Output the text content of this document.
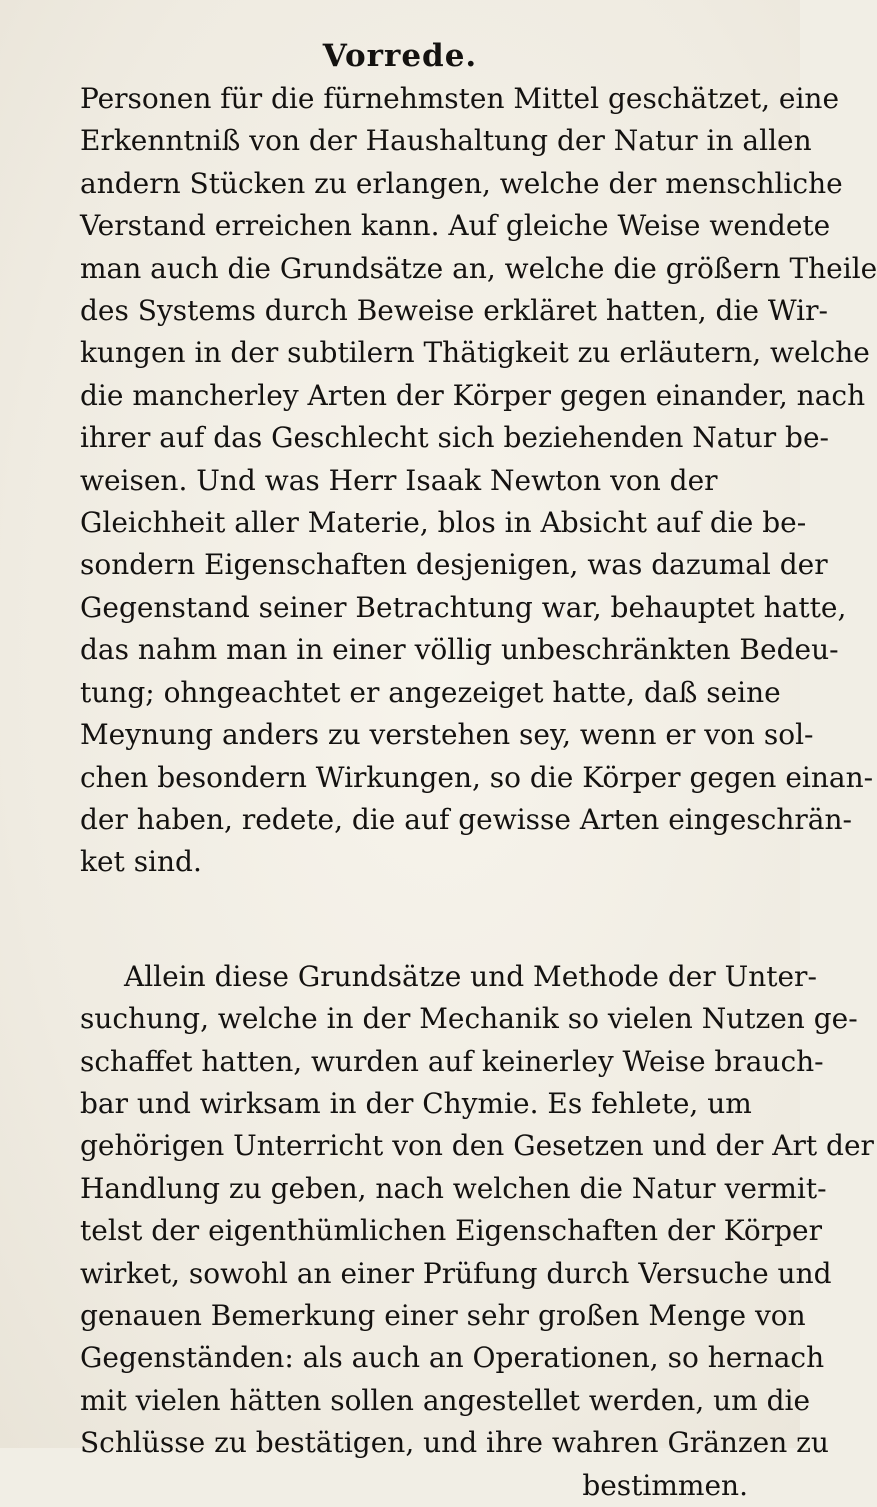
Vorrede.

Personen für die fürnehmsten Mittel geschätzet, eine
Erkenntniß von der Haushaltung der Natur in allen
andern Stücken zu erlangen, welche der menschliche
Verstand erreichen kann. Auf gleiche Weise wendete
man auch die Grundsätze an, welche die größern Theile
des Systems durch Beweise erkläret hatten, die Wir-
kungen in der subtilern Thätigkeit zu erläutern, welche
die mancherley Arten der Körper gegen einander, nach
ihrer auf das Geschlecht sich beziehenden Natur be-
weisen. Und was Herr Isaak Newton von der
Gleichheit aller Materie, blos in Absicht auf die be-
sondern Eigenschaften desjenigen, was dazumal der
Gegenstand seiner Betrachtung war, behauptet hatte,
das nahm man in einer völlig unbeschränkten Bedeu-
tung; ohngeachtet er angezeiget hatte, daß seine
Meynung anders zu verstehen sey, wenn er von sol-
chen besondern Wirkungen, so die Körper gegen einan-
der haben, redete, die auf gewisse Arten eingeschrän-
ket sind.

Allein diese Grundsätze und Methode der Unter-
suchung, welche in der Mechanik so vielen Nutzen ge-
schaffet hatten, wurden auf keinerley Weise brauch-
bar und wirksam in der Chymie. Es fehlete, um
gehörigen Unterricht von den Gesetzen und der Art der
Handlung zu geben, nach welchen die Natur vermit-
telst der eigenthümlichen Eigenschaften der Körper
wirket, sowohl an einer Prüfung durch Versuche und
genauen Bemerkung einer sehr großen Menge von
Gegenständen: als auch an Operationen, so hernach
mit vielen hätten sollen angestellet werden, um die
Schlüsse zu bestätigen, und ihre wahren Gränzen zu
bestimmen.
